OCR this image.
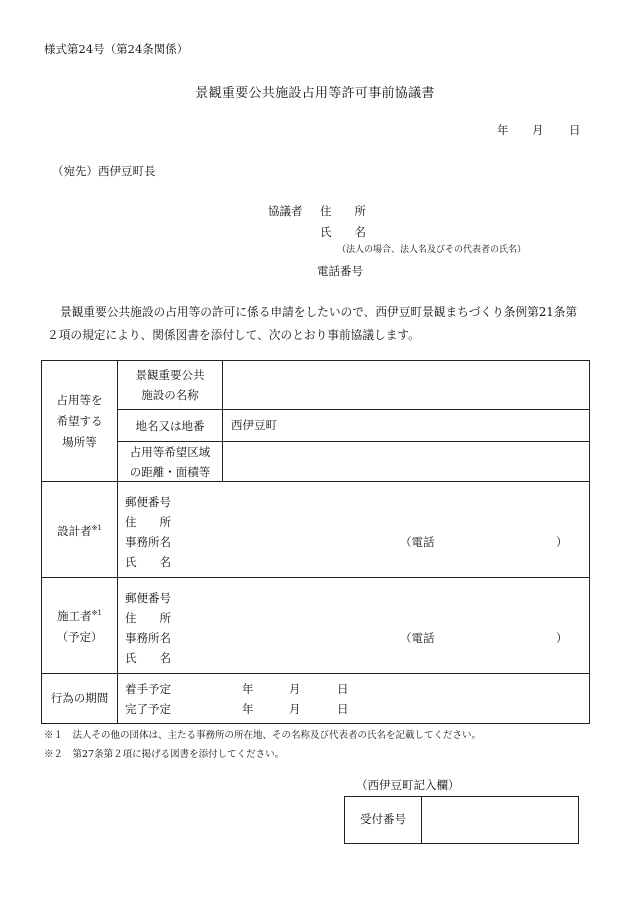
様式第24号（第24条関係）
景観重要公共施設占用等許可事前協議書
年 月 日
（宛先）西伊豆町長
協議者 住　　所
氏　　名
（法人の場合、法人名及びその代表者の氏名）
電話番号
景観重要公共施設の占用等の許可に係る申請をしたいので、西伊豆町景観まちづくり条例第21条第２項の規定により、関係図書を添付して、次のとおり事前協議します。
占用等を希望する場所等
景観重要公共施設の名称
地名又は地番	西伊豆町
占用等希望区域の距離・面積等
設計者$^{※1}$
郵便番号
住　　所
事務所名	（電話	）
氏　　名
施工者$^{※1}$
（予定）
郵便番号
住　　所
事務所名	（電話	）
氏　　名
行為の期間
着手予定	年	月	日
完了予定	年	月	日
※１　法人その他の団体は、主たる事務所の所在地、その名称及び代表者の氏名を記載してください。
※２　第27条第２項に掲げる図書を添付してください。
（西伊豆町記入欄）
受付番号
